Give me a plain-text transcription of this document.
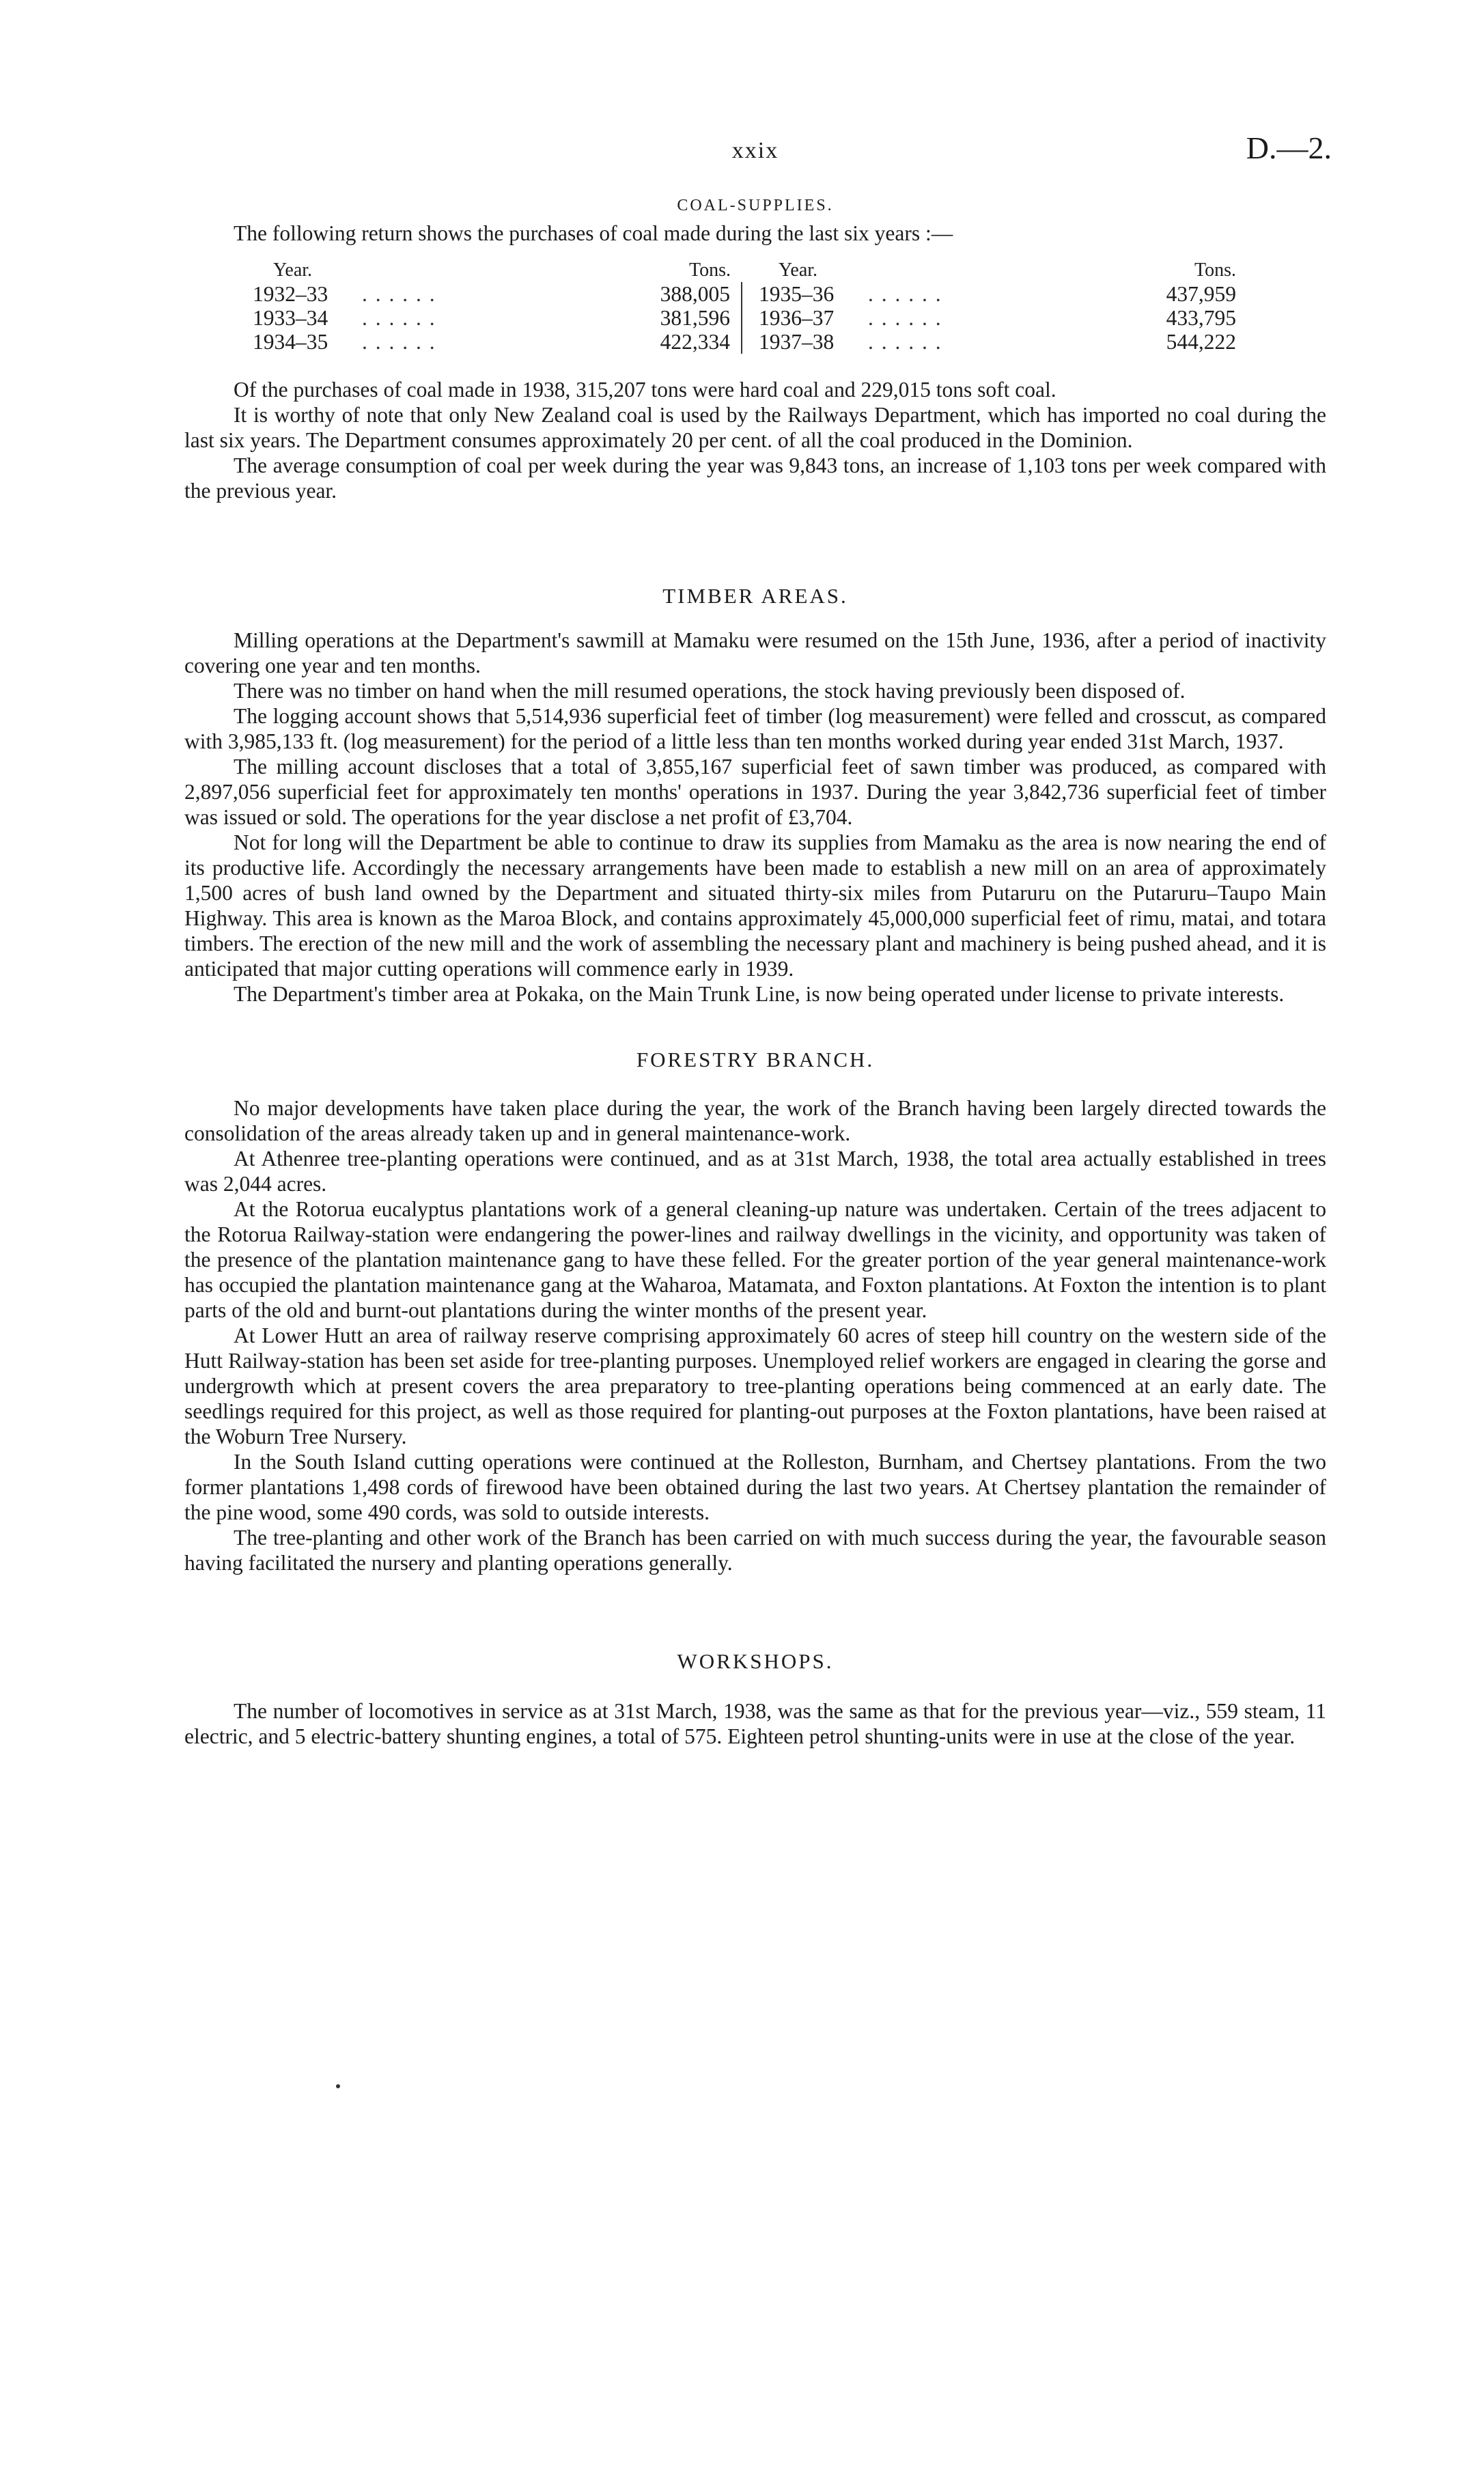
xxix	D.—2.
COAL-SUPPLIES.

The following return shows the purchases of coal made during the last six years :—

Year.	Tons.	Year.	Tons.
1932–33	. . . . . .	388,005 1935–36	. . . . . .	437,959
1933–34	. . . . . .	381,596 1936–37	. . . . . .	433,795
1934–35	. . . . . .	422,334 1937–38	. . . . . .	544,222

Of the purchases of coal made in 1938, 315,207 tons were hard coal and 229,015 tons soft coal.

It is worthy of note that only New Zealand coal is used by the Railways Department, which has imported no coal during the last six years. The Department consumes approximately 20 per cent. of all the coal produced in the Dominion.

The average consumption of coal per week during the year was 9,843 tons, an increase of 1,103 tons per week compared with the previous year.

TIMBER AREAS.

Milling operations at the Department's sawmill at Mamaku were resumed on the 15th June, 1936, after a period of inactivity covering one year and ten months.

There was no timber on hand when the mill resumed operations, the stock having previously been disposed of.

The logging account shows that 5,514,936 superficial feet of timber (log measurement) were felled and crosscut, as compared with 3,985,133 ft. (log measurement) for the period of a little less than ten months worked during year ended 31st March, 1937.

The milling account discloses that a total of 3,855,167 superficial feet of sawn timber was produced, as compared with 2,897,056 superficial feet for approximately ten months' operations in 1937. During the year 3,842,736 superficial feet of timber was issued or sold. The operations for the year disclose a net profit of £3,704.

Not for long will the Department be able to continue to draw its supplies from Mamaku as the area is now nearing the end of its productive life. Accordingly the necessary arrangements have been made to establish a new mill on an area of approximately 1,500 acres of bush land owned by the Department and situated thirty-six miles from Putaruru on the Putaruru–Taupo Main Highway. This area is known as the Maroa Block, and contains approximately 45,000,000 superficial feet of rimu, matai, and totara timbers. The erection of the new mill and the work of assembling the necessary plant and machinery is being pushed ahead, and it is anticipated that major cutting operations will commence early in 1939.

The Department's timber area at Pokaka, on the Main Trunk Line, is now being operated under license to private interests.

FORESTRY BRANCH.

No major developments have taken place during the year, the work of the Branch having been largely directed towards the consolidation of the areas already taken up and in general maintenance-work.

At Athenree tree-planting operations were continued, and as at 31st March, 1938, the total area actually established in trees was 2,044 acres.

At the Rotorua eucalyptus plantations work of a general cleaning-up nature was undertaken. Certain of the trees adjacent to the Rotorua Railway-station were endangering the power-lines and railway dwellings in the vicinity, and opportunity was taken of the presence of the plantation maintenance gang to have these felled. For the greater portion of the year general maintenance-work has occupied the plantation maintenance gang at the Waharoa, Matamata, and Foxton plantations. At Foxton the intention is to plant parts of the old and burnt-out plantations during the winter months of the present year.

At Lower Hutt an area of railway reserve comprising approximately 60 acres of steep hill country on the western side of the Hutt Railway-station has been set aside for tree-planting purposes. Unemployed relief workers are engaged in clearing the gorse and undergrowth which at present covers the area preparatory to tree-planting operations being commenced at an early date. The seedlings required for this project, as well as those required for planting-out purposes at the Foxton plantations, have been raised at the Woburn Tree Nursery.

In the South Island cutting operations were continued at the Rolleston, Burnham, and Chertsey plantations. From the two former plantations 1,498 cords of firewood have been obtained during the last two years. At Chertsey plantation the remainder of the pine wood, some 490 cords, was sold to outside interests.

The tree-planting and other work of the Branch has been carried on with much success during the year, the favourable season having facilitated the nursery and planting operations generally.

WORKSHOPS.

The number of locomotives in service as at 31st March, 1938, was the same as that for the previous year—viz., 559 steam, 11 electric, and 5 electric-battery shunting engines, a total of 575. Eighteen petrol shunting-units were in use at the close of the year.
